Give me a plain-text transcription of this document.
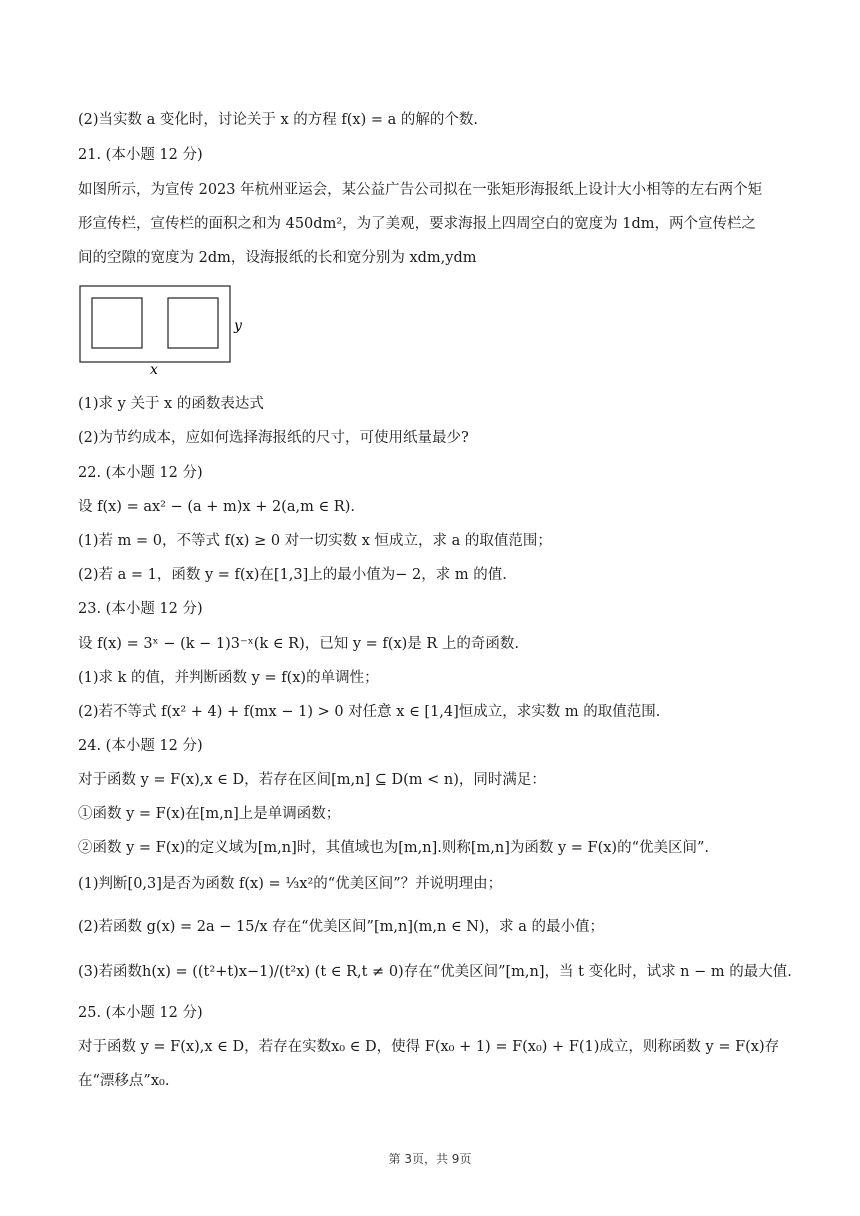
(2)当实数 a 变化时，讨论关于 x 的方程 f(x) = a 的解的个数.
21. (本小题 12 分)
如图所示，为宣传 2023 年杭州亚运会，某公益广告公司拟在一张矩形海报纸上设计大小相等的左右两个矩
形宣传栏，宣传栏的面积之和为 450dm²，为了美观，要求海报上四周空白的宽度为 1dm，两个宣传栏之
间的空隙的宽度为 2dm，设海报纸的长和宽分别为 xdm,ydm
y
x
(1)求 y 关于 x 的函数表达式
(2)为节约成本，应如何选择海报纸的尺寸，可使用纸量最少?
22. (本小题 12 分)
设 f(x) = ax² − (a + m)x + 2(a,m ∈ R).
(1)若 m = 0，不等式 f(x) ≥ 0 对一切实数 x 恒成立，求 a 的取值范围；
(2)若 a = 1，函数 y = f(x)在[1,3]上的最小值为− 2，求 m 的值.
23. (本小题 12 分)
设 f(x) = 3ˣ − (k − 1)3⁻ˣ(k ∈ R)，已知 y = f(x)是 R 上的奇函数.
(1)求 k 的值，并判断函数 y = f(x)的单调性；
(2)若不等式 f(x² + 4) + f(mx − 1) > 0 对任意 x ∈ [1,4]恒成立，求实数 m 的取值范围.
24. (本小题 12 分)
对于函数 y = F(x),x ∈ D，若存在区间[m,n] ⊆ D(m < n)，同时满足：
①函数 y = F(x)在[m,n]上是单调函数；
②函数 y = F(x)的定义域为[m,n]时，其值域也为[m,n].则称[m,n]为函数 y = F(x)的“优美区间”.
(1)判断[0,3]是否为函数 f(x) = ⅓x²的“优美区间”？并说明理由；
(2)若函数 g(x) = 2a − 15/x 存在“优美区间”[m,n](m,n ∈ N)，求 a 的最小值；
(3)若函数h(x) = ((t²+t)x−1)/(t²x) (t ∈ R,t ≠ 0)存在“优美区间”[m,n]，当 t 变化时，试求 n − m 的最大值.
25. (本小题 12 分)
对于函数 y = F(x),x ∈ D，若存在实数x₀ ∈ D，使得 F(x₀ + 1) = F(x₀) + F(1)成立，则称函数 y = F(x)存
在“漂移点”x₀.
第 3页，共 9页
